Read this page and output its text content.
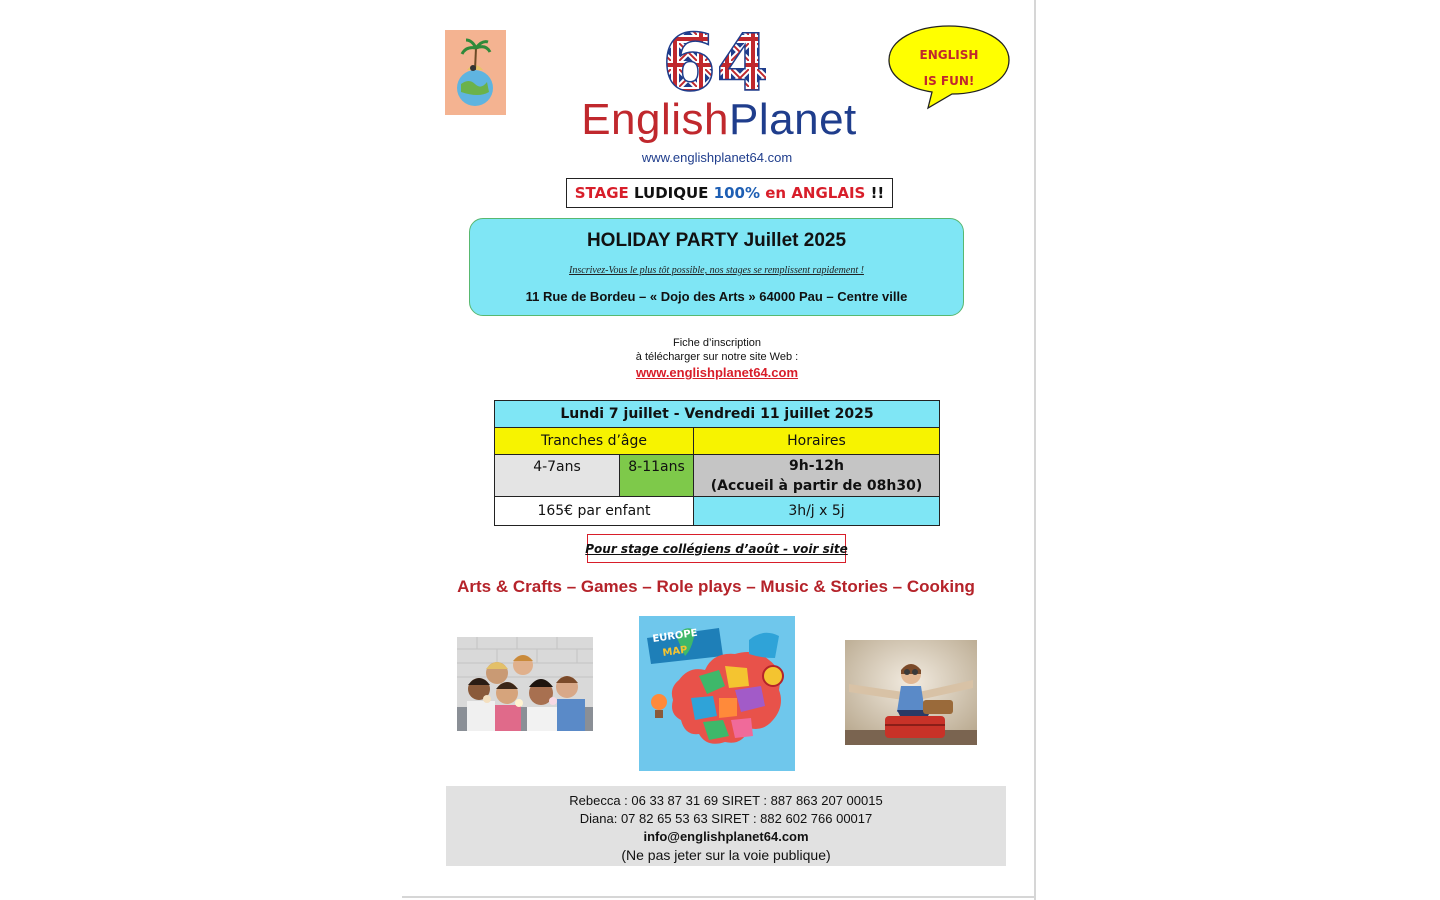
64
EnglishPlanet
www.englishplanet64.com
ENGLISH
IS FUN!
STAGE
LUDIQUE
100%
en
ANGLAIS
!!
HOLIDAY PARTY Juillet 2025
Inscrivez-Vous le plus tôt possible, nos stages se remplissent rapidement !
11 Rue de Bordeu – « Dojo des Arts » 64000 Pau – Centre ville
Fiche d’inscription
à télécharger sur notre site Web :
www.englishplanet64.com
Lundi 7 juillet - Vendredi 11 juillet 2025
Tranches d’âge	Horaires
4-7ans	8-11ans	9h-12h
(Accueil à partir de 08h30)
165€ par enfant	3h/j x 5j
Pour stage collégiens d’août - voir site
Arts & Crafts – Games – Role plays – Music & Stories – Cooking
EUROPE
MAP
Rebecca : 06 33 87 31 69 SIRET : 887 863 207 00015
Diana: 07 82 65 53 63 SIRET : 882 602 766 00017
info@englishplanet64.com
(Ne pas jeter sur la voie publique)
